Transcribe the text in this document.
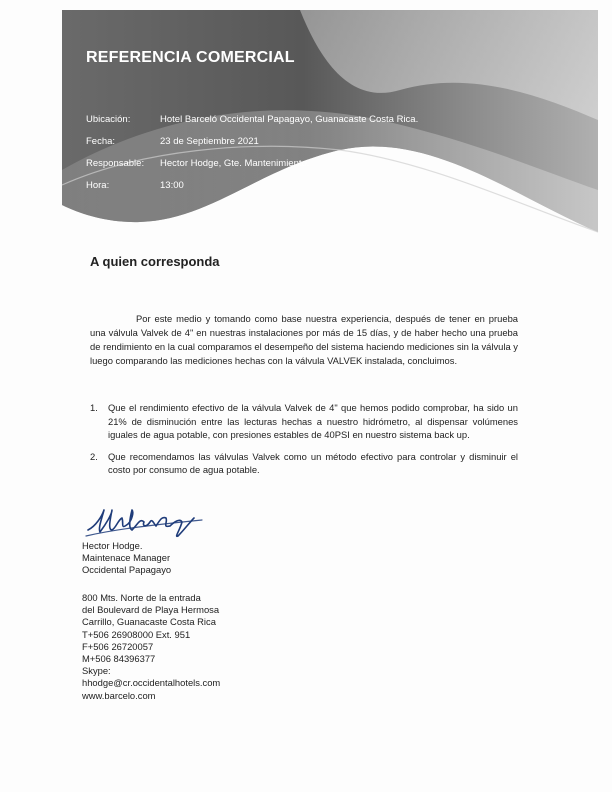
REFERENCIA COMERCIAL
Ubicación:	Hotel Barceló Occidental Papagayo, Guanacaste Costa Rica.
Fecha:	23 de Septiembre 2021
Responsable: Hector Hodge, Gte. Mantenimiento.
Hora:	13:00
A quien corresponda

Por este medio y tomando como base nuestra experiencia, después de tener en prueba una válvula Valvek de 4" en nuestras instalaciones por más de 15 días, y de haber hecho una prueba de rendimiento en la cual comparamos el desempeño del sistema haciendo mediciones sin la válvula y luego comparando las mediciones hechas con la válvula VALVEK instalada, concluimos.

1. Que el rendimiento efectivo de la válvula Valvek de 4" que hemos podido comprobar, ha sido un 21% de disminución entre las lecturas hechas a nuestro hidrómetro, al dispensar volúmenes iguales de agua potable, con presiones estables de 40PSI en nuestro sistema back up.
2. Que recomendamos las válvulas Valvek como un método efectivo para controlar y disminuir el costo por consumo de agua potable.
Hector Hodge.
Maintenace Manager
Occidental Papagayo
800 Mts. Norte de la entrada
del Boulevard de Playa Hermosa
Carrillo, Guanacaste Costa Rica
T+506 26908000 Ext. 951
F+506 26720057
M+506 84396377
Skype:
hhodge@cr.occidentalhotels.com
www.barcelo.com
